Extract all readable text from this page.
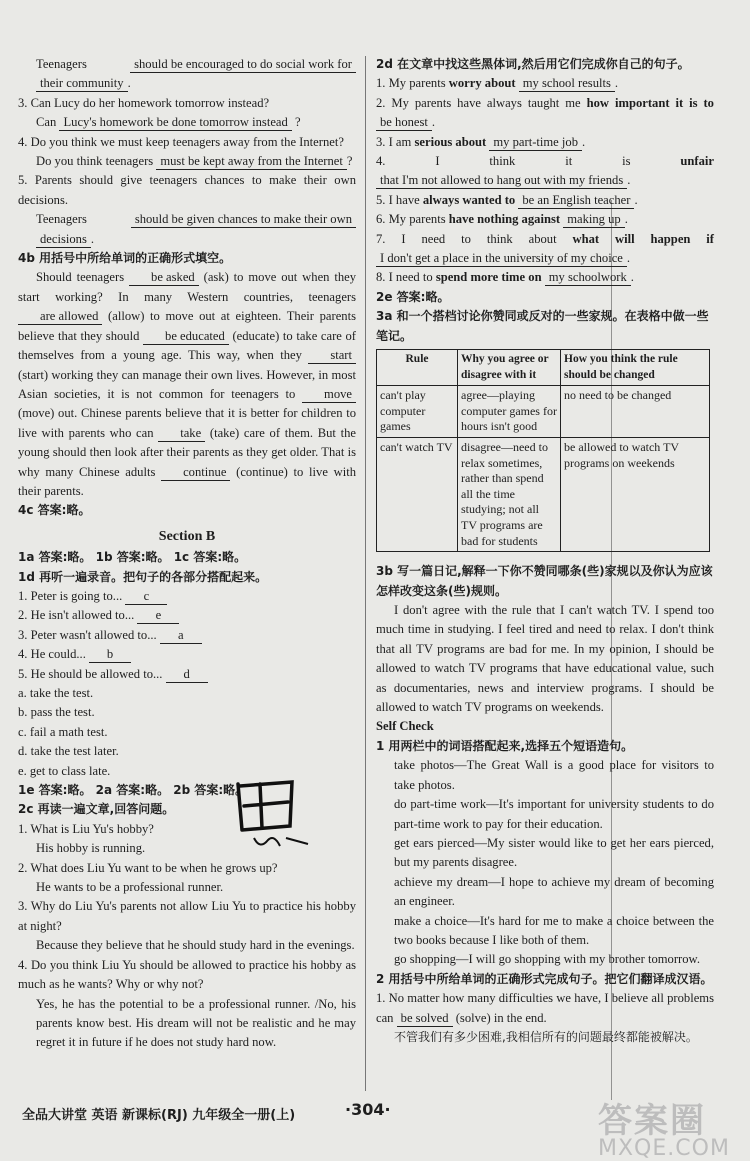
Teenagers	should be encouraged to do social work for their community .

3. Can Lucy do her homework tomorrow instead?

Can Lucy's homework be done tomorrow instead ?

4. Do you think we must keep teenagers away from the Internet?

Do you think teenagers must be kept away from the Internet ?

5. Parents should give teenagers chances to make their own decisions.

Teenagers	should be given chances to make their own decisions .

4b 用括号中所给单词的正确形式填空。

Should teenagers be asked (ask) to move out when they start working? In many Western countries, teenagers are allowed (allow) to move out at eighteen. Their parents believe that they should be educated (educate) to take care of themselves from a young age. This way, when they start (start) working they can manage their own lives. However, in most Asian societies, it is not common for teenagers to move (move) out. Chinese parents believe that it is better for children to live with parents who can take (take) care of them. But the young should then look after their parents as they get older. That is why many Chinese adults continue (continue) to live with their parents.

4c 答案:略。

Section B

1a 答案:略。 1b 答案:略。 1c 答案:略。

1d 再听一遍录音。把句子的各部分搭配起来。

1. Peter is going to... c

2. He isn't allowed to... e

3. Peter wasn't allowed to... a

4. He could... b

5. He should be allowed to... d

a. take the test.

b. pass the test.

c. fail a math test.

d. take the test later.

e. get to class late.

1e 答案:略。 2a 答案:略。 2b 答案:略。

2c 再读一遍文章,回答问题。

1. What is Liu Yu's hobby?

His hobby is running.

2. What does Liu Yu want to be when he grows up?

He wants to be a professional runner.

3. Why do Liu Yu's parents not allow Liu Yu to practice his hobby at night?

Because they believe that he should study hard in the evenings.

4. Do you think Liu Yu should be allowed to practice his hobby as much as he wants? Why or why not?

Yes, he has the potential to be a professional runner. /No, his parents know best. His dream will not be realistic and he may regret it in future if he does not study hard now.

2d 在文章中找这些黑体词,然后用它们完成你自己的句子。

1. My parents worry about my school results .

2. My parents have always taught me how important it is to be honest .

3. I am serious about my part-time job .

4. I think it is unfair that I'm not allowed to hang out with my friends .

5. I have always wanted to be an English teacher .

6. My parents have nothing against making up .

7. I need to think about what will happen if I don't get a place in the university of my choice .

8. I need to spend more time on my schoolwork .

2e 答案:略。

3a 和一个搭档讨论你赞同或反对的一些家规。在表格中做一些笔记。

Rule	Why you agree or disagree with it	How you think the rule should be changed
can't play computer games	agree—playing computer games for hours isn't good	no need to be changed
can't watch TV	disagree—need to relax sometimes, rather than spend all the time studying; not all TV programs are bad for students	be allowed to watch TV programs on weekends

3b 写一篇日记,解释一下你不赞同哪条(些)家规以及你认为应该怎样改变这条(些)规则。

I don't agree with the rule that I can't watch TV. I spend too much time in studying. I feel tired and need to relax. I don't think that all TV programs are bad for me. In my opinion, I should be allowed to watch TV programs that have educational value, such as documentaries, news and interview programs. I should be allowed to watch TV programs on weekends.

Self Check

1 用两栏中的词语搭配起来,选择五个短语造句。

take photos—The Great Wall is a good place for visitors to take photos.

do part-time work—It's important for university students to do part-time work to pay for their education.

get ears pierced—My sister would like to get her ears pierced, but my parents disagree.

achieve my dream—I hope to achieve my dream of becoming an engineer.

make a choice—It's hard for me to make a choice between the two books because I like both of them.

go shopping—I will go shopping with my brother tomorrow.

2 用括号中所给单词的正确形式完成句子。把它们翻译成汉语。

1. No matter how many difficulties we have, I believe all problems can be solved (solve) in the end.

不管我们有多少困难,我相信所有的问题最终都能被解决。

全品大讲堂 英语 新课标(RJ) 九年级全一册(上)	·304·	答案圈
MXQE.COM
